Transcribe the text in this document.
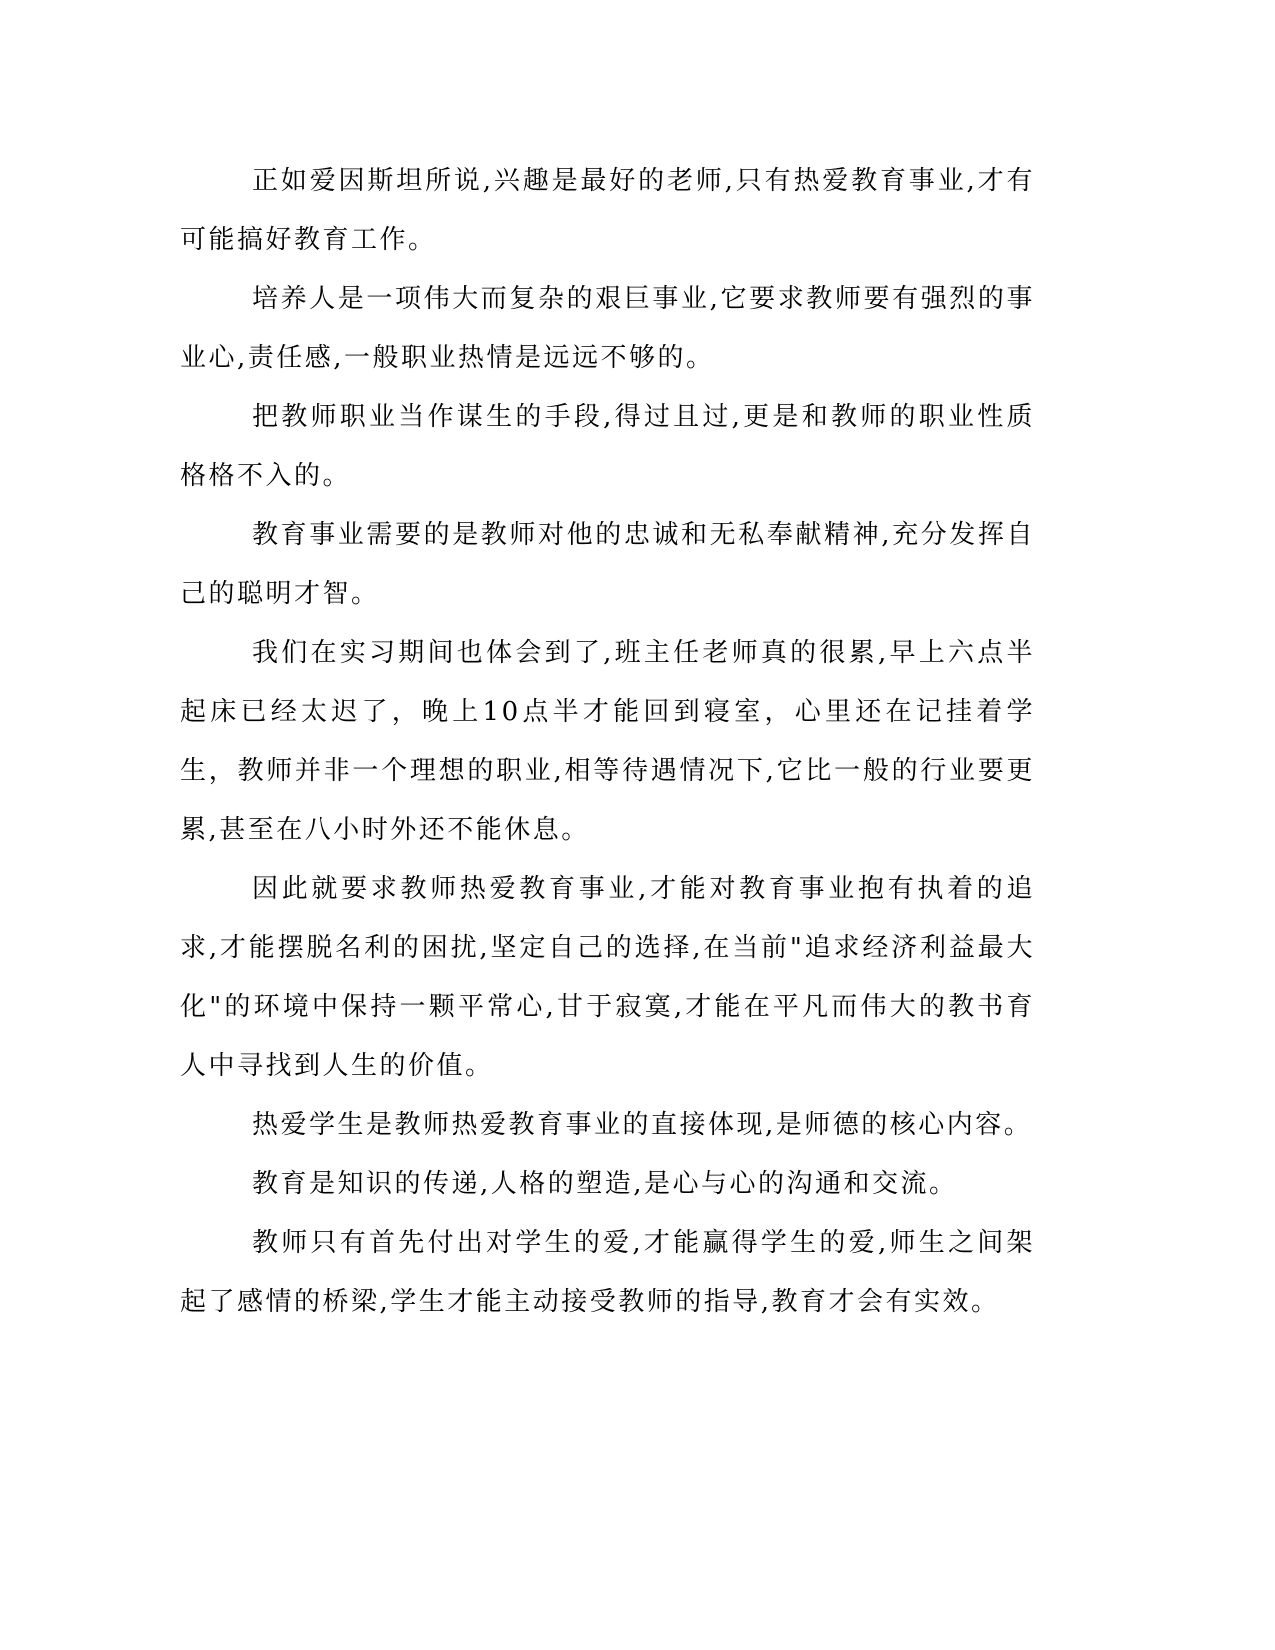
正如爱因斯坦所说,兴趣是最好的老师,只有热爱教育事业,才有可能搞好教育工作。

培养人是一项伟大而复杂的艰巨事业,它要求教师要有强烈的事业心,责任感,一般职业热情是远远不够的。

把教师职业当作谋生的手段,得过且过,更是和教师的职业性质格格不入的。

教育事业需要的是教师对他的忠诚和无私奉献精神,充分发挥自己的聪明才智。

我们在实习期间也体会到了,班主任老师真的很累,早上六点半起床已经太迟了，晚上10点半才能回到寝室，心里还在记挂着学生，教师并非一个理想的职业,相等待遇情况下,它比一般的行业要更累,甚至在八小时外还不能休息。

因此就要求教师热爱教育事业,才能对教育事业抱有执着的追求,才能摆脱名利的困扰,坚定自己的选择,在当前"追求经济利益最大化"的环境中保持一颗平常心,甘于寂寞,才能在平凡而伟大的教书育人中寻找到人生的价值。

热爱学生是教师热爱教育事业的直接体现,是师德的核心内容。

教育是知识的传递,人格的塑造,是心与心的沟通和交流。

教师只有首先付出对学生的爱,才能赢得学生的爱,师生之间架起了感情的桥梁,学生才能主动接受教师的指导,教育才会有实效。
